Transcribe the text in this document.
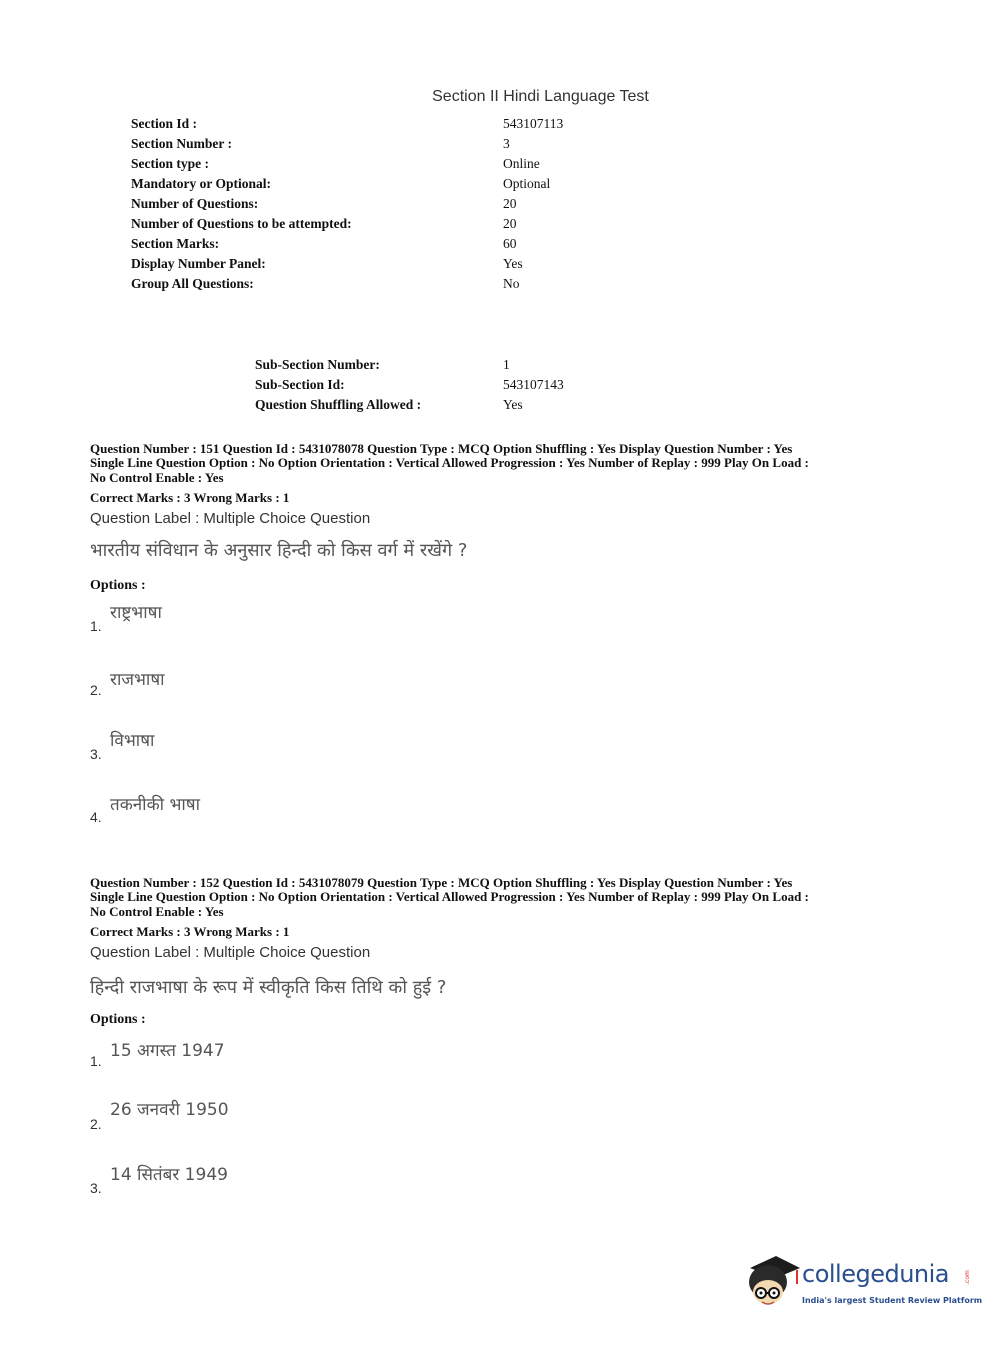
Section II Hindi Language Test
Section Id :	543107113
Section Number :	3
Section type :	Online
Mandatory or Optional:	Optional
Number of Questions:	20
Number of Questions to be attempted:	20
Section Marks:	60
Display Number Panel:	Yes
Group All Questions:	No
Sub-Section Number:	1
Sub-Section Id:	543107143
Question Shuffling Allowed :	Yes
Question Number : 151 Question Id : 5431078078 Question Type : MCQ Option Shuffling : Yes Display Question Number : Yes
Single Line Question Option : No Option Orientation : Vertical Allowed Progression : Yes Number of Replay : 999 Play On Load :
No Control Enable : Yes
Correct Marks : 3 Wrong Marks : 1
Question Label : Multiple Choice Question
भारतीय संविधान के अनुसार हिन्दी को किस वर्ग में रखेंगे ?
Options :
राष्ट्रभाषा
1.
राजभाषा
2.
विभाषा
3.
तकनीकी भाषा
4.
Question Number : 152 Question Id : 5431078079 Question Type : MCQ Option Shuffling : Yes Display Question Number : Yes
Single Line Question Option : No Option Orientation : Vertical Allowed Progression : Yes Number of Replay : 999 Play On Load :
No Control Enable : Yes
Correct Marks : 3 Wrong Marks : 1
Question Label : Multiple Choice Question
हिन्दी राजभाषा के रूप में स्वीकृति किस तिथि को हुई ?
Options :
15 अगस्त 1947
1.
26 जनवरी 1950
2.
14 सितंबर 1949
3.
collegedunia .com
India's largest Student Review Platform
